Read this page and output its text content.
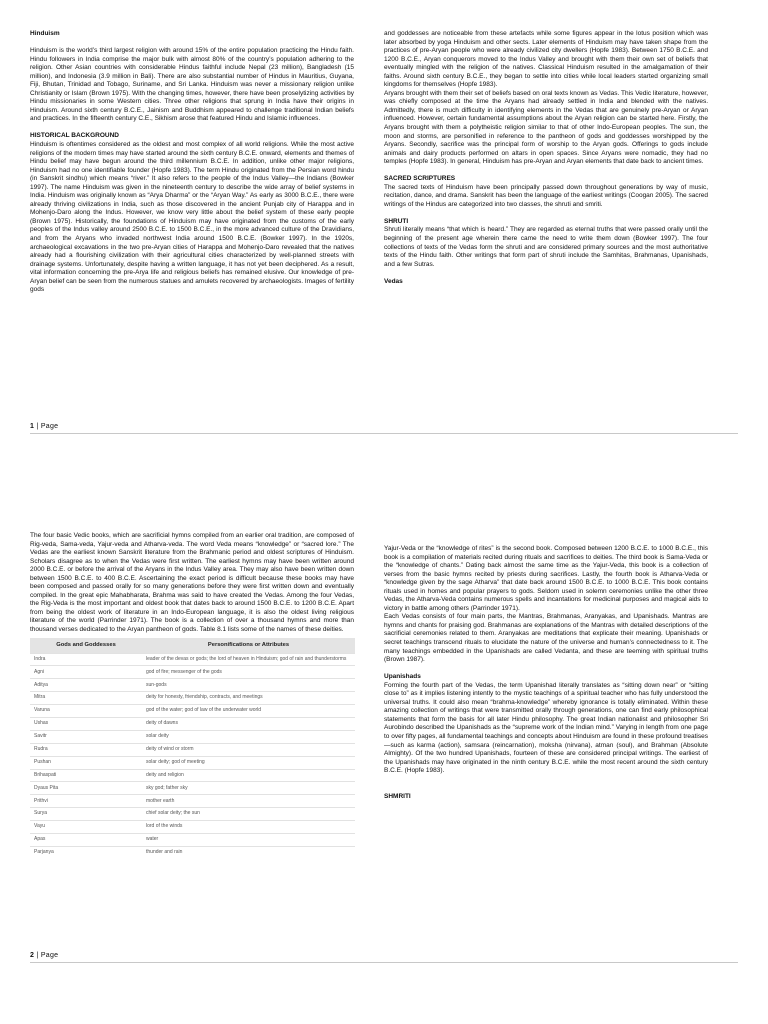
Hinduism

Hinduism is the world’s third largest religion with around 15% of the entire population practicing the Hindu faith. Hindu followers in India comprise the major bulk with almost 80% of the country’s population adhering to the religion. Other Asian countries with considerable Hindus faithful include Nepal (23 million), Bangladesh (15 million), and Indonesia (3.9 million in Bali). There are also substantial number of Hindus in Mauritius, Guyana, Fiji, Bhutan, Trinidad and Tobago, Suriname, and Sri Lanka. Hinduism was never a missionary religion unlike Christianity or Islam (Brown 1975). With the changing times, however, there have been proselytizing activities by Hindu missionaries in some Western cities. Three other religions that sprung in India have their origins in Hinduism. Around sixth century B.C.E., Jainism and Buddhism appeared to challenge traditional Indian beliefs and practices. In the fifteenth century C.E., Sikhism arose that featured Hindu and Islamic influences.

HISTORICAL BACKGROUND

Hinduism is oftentimes considered as the oldest and most complex of all world religions. While the most active religions of the modern times may have started around the sixth century B.C.E. onward, elements and themes of Hindu belief may have begun around the third millennium B.C.E. In addition, unlike other major religions, Hinduism had no one identifiable founder (Hopfe 1983). The term Hindu originated from the Persian word hindu (in Sanskrit sindhu) which means “river.” It also refers to the people of the Indus Valley—the Indians (Bowker 1997). The name Hinduism was given in the nineteenth century to describe the wide array of belief systems in India. Hinduism was originally known as “Arya Dharma” or the “Aryan Way.” As early as 3000 B.C.E., there were already thriving civilizations in India, such as those discovered in the ancient Punjab city of Harappa and in Mohenjo-Daro along the Indus. However, we know very little about the belief system of these early people (Brown 1975). Historically, the foundations of Hinduism may have originated from the customs of the early peoples of the Indus valley around 2500 B.C.E. to 1500 B.C.E., in the more advanced culture of the Dravidians, and from the Aryans who invaded northwest India around 1500 B.C.E. (Bowker 1997). In the 1920s, archaeological excavations in the two pre-Aryan cities of Harappa and Mohenjo-Daro revealed that the natives already had a flourishing civilization with their agricultural cities characterized by well-planned streets with drainage systems. Unfortunately, despite having a written language, it has not yet been deciphered. As a result, vital information concerning the pre-Arya life and religious beliefs has remained elusive. Our knowledge of pre-Aryan belief can be seen from the numerous statues and amulets recovered by archaeologists. Images of fertility gods

and goddesses are noticeable from these artefacts while some figures appear in the lotus position which was later absorbed by yoga Hinduism and other sects. Later elements of Hinduism may have taken shape from the practices of pre-Aryan people who were already civilized city dwellers (Hopfe 1983). Between 1750 B.C.E. and 1200 B.C.E., Aryan conquerors moved to the Indus Valley and brought with them their own set of beliefs that eventually mingled with the religion of the natives. Classical Hinduism resulted in the amalgamation of their faiths. Around sixth century B.C.E., they began to settle into cities while local leaders started organizing small kingdoms for themselves (Hopfe 1983).

Aryans brought with them their set of beliefs based on oral texts known as Vedas. This Vedic literature, however, was chiefly composed at the time the Aryans had already settled in India and blended with the natives. Admittedly, there is much difficulty in identifying elements in the Vedas that are genuinely pre-Aryan or Aryan influenced. However, certain fundamental assumptions about the Aryan religion can be started here. Firstly, the Aryans brought with them a polytheistic religion similar to that of other Indo-European peoples. The sun, the moon and storms, are personified in reference to the pantheon of gods and goddesses worshipped by the Aryans. Secondly, sacrifice was the principal form of worship to the Aryan gods. Offerings to gods include animals and dairy products performed on altars in open spaces. Since Aryans were nomadic, they had no temples (Hopfe 1983). In general, Hinduism has pre-Aryan and Aryan elements that date back to ancient times.

SACRED SCRIPTURES

The sacred texts of Hinduism have been principally passed down throughout generations by way of music, recitation, dance, and drama. Sanskrit has been the language of the earliest writings (Coogan 2005). The sacred writings of the Hindus are categorized into two classes, the shruti and smriti.

SHRUTI

Shruti literally means “that which is heard.” They are regarded as eternal truths that were passed orally until the beginning of the present age wherein there came the need to write them down (Bowker 1997). The four collections of texts of the Vedas form the shruti and are considered primary sources and the most authoritative texts of the Hindu faith. Other writings that form part of shruti include the Samhitas, Brahmanas, Upanishads, and a few Sutras.

Vedas

1 | Page

The four basic Vedic books, which are sacrificial hymns compiled from an earlier oral tradition, are composed of Rig-veda, Sama-veda, Yajur-veda and Atharva-veda. The word Veda means “knowledge” or “sacred lore.” The Vedas are the earliest known Sanskrit literature from the Brahmanic period and oldest scriptures of Hinduism. Scholars disagree as to when the Vedas were first written. The earliest hymns may have been written around 2000 B.C.E. or before the arrival of the Aryans in the Indus Valley area. They may also have been written down between 1500 B.C.E. to 400 B.C.E. Ascertaining the exact period is difficult because these books may have been composed and passed orally for so many generations before they were first written down and eventually compiled. In the great epic Mahabharata, Brahma was said to have created the Vedas. Among the four Vedas, the Rig-Veda is the most important and oldest book that dates back to around 1500 B.C.E. to 1200 B.C.E. Apart from being the oldest work of literature in an Indo-European language, it is also the oldest living religious literature of the world (Parrinder 1971). The book is a collection of over a thousand hymns and more than thousand verses dedicated to the Aryan pantheon of gods. Table 8.1 lists some of the names of these deities.

Gods and Goddesses	Personifications or Attributes
Indra	leader of the devas or gods; the lord of heaven in Hinduism; god of rain and thunderstorms
Agni	god of fire; messenger of the gods
Aditya	sun-gods
Mitra	deity for honesty, friendship, contracts, and meetings
Varuna	god of the water; god of law of the underwater world
Ushas	deity of dawns
Savitr	solar deity
Rudra	deity of wind or storm
Pushan	solar deity; god of meeting
Brihaspati	deity and religion
Dyaus Pita	sky god; father sky
Prithvi	mother earth
Surya	chief solar deity; the sun
Vayu	lord of the winds
Apas	water
Parjanya	thunder and rain

Yajur-Veda or the “knowledge of rites” is the second book. Composed between 1200 B.C.E. to 1000 B.C.E., this book is a compilation of materials recited during rituals and sacrifices to deities. The third book is Sama-Veda or the “knowledge of chants.” Dating back almost the same time as the Yajur-Veda, this book is a collection of verses from the basic hymns recited by priests during sacrifices. Lastly, the fourth book is Atharva-Veda or “knowledge given by the sage Atharva” that date back around 1500 B.C.E. to 1000 B.C.E. This book contains rituals used in homes and popular prayers to gods. Seldom used in solemn ceremonies unlike the other three Vedas, the Atharva-Veda contains numerous spells and incantations for medicinal purposes and magical aids to victory in battle among others (Parrinder 1971).

Each Vedas consists of four main parts, the Mantras, Brahmanas, Aranyakas, and Upanishads. Mantras are hymns and chants for praising god. Brahmanas are explanations of the Mantras with detailed descriptions of the sacrificial ceremonies related to them. Aranyakas are meditations that explicate their meaning. Upanishads or secret teachings transcend rituals to elucidate the nature of the universe and human’s connectedness to it. The many teachings embedded in the Upanishads are called Vedanta, and these are teeming with spiritual truths (Brown 1987).

Upanishads

Forming the fourth part of the Vedas, the term Upanishad literally translates as “sitting down near” or “sitting close to” as it implies listening intently to the mystic teachings of a spiritual teacher who has fully understood the universal truths. It could also mean “brahma-knowledge” whereby ignorance is totally eliminated. Within these amazing collection of writings that were transmitted orally through generations, one can find early philosophical statements that form the basis for all later Hindu philosophy. The great Indian nationalist and philosopher Sri Aurobindo described the Upanishads as the “supreme work of the Indian mind.” Varying in length from one page to over fifty pages, all fundamental teachings and concepts about Hinduism are found in these profound treatises—such as karma (action), samsara (reincarnation), moksha (nirvana), atman (soul), and Brahman (Absolute Almighty). Of the two hundred Upanishads, fourteen of these are considered principal writings. The earliest of the Upanishads may have originated in the ninth century B.C.E. while the most recent around the sixth century B.C.E. (Hopfe 1983).

SHMRITI

2 | Page
